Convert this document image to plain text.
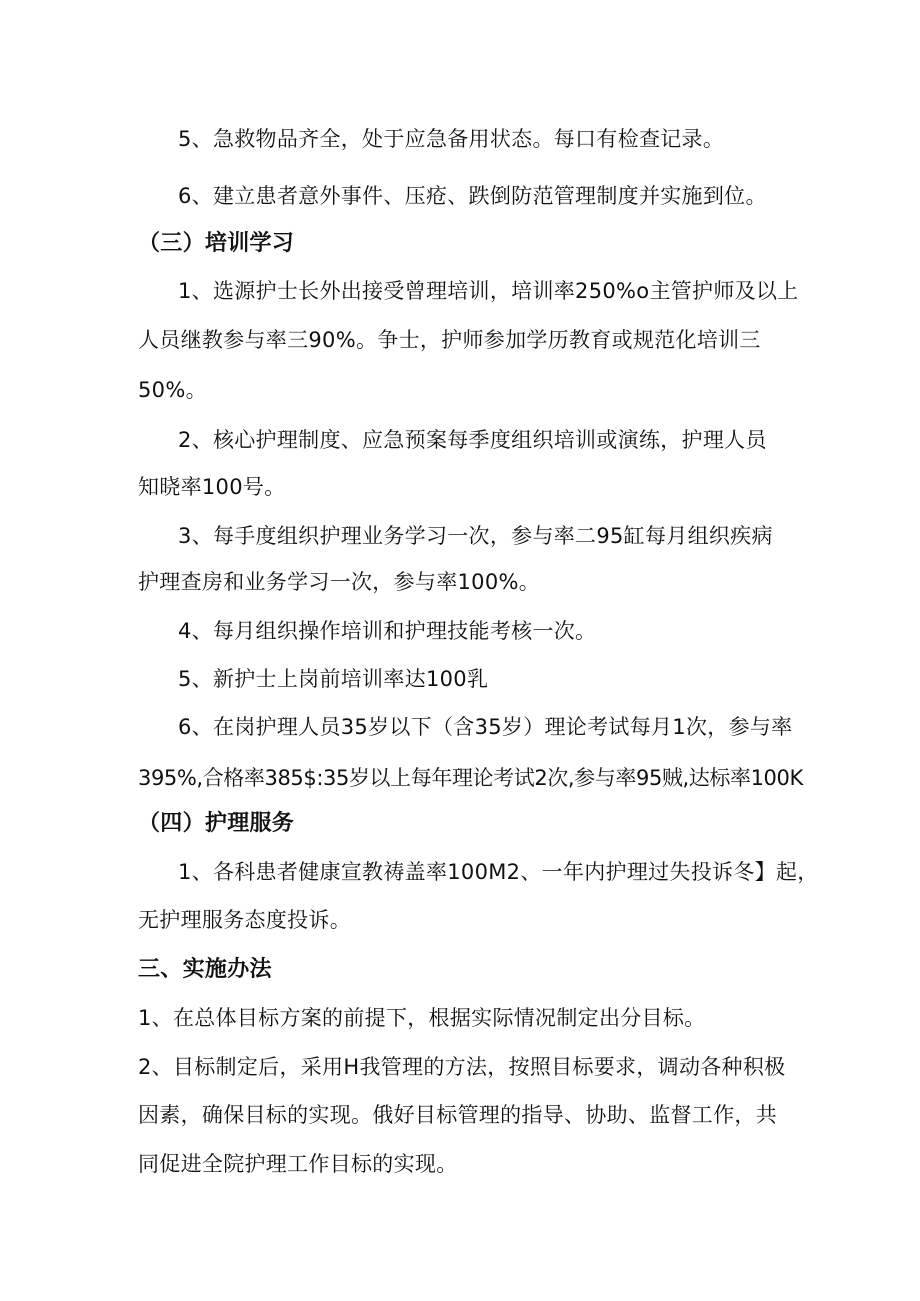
5、急救物品齐全，处于应急备用状态。每口有检查记录。
6、建立患者意外事件、压疮、跌倒防范管理制度并实施到位。
（三）培训学习
1、选源护士长外出接受曾理培训，培训率250%o主管护师及以上
人员继教参与率三90%。争士，护师参加学历教育或规范化培训三
50%。
2、核心护理制度、应急预案每季度组织培训或演练，护理人员
知晓率100号。
3、每手度组织护理业务学习一次，参与率二95缸每月组织疾病
护理查房和业务学习一次，参与率100%。
4、每月组织操作培训和护理技能考核一次。
5、新护士上岗前培训率达100乳
6、在岗护理人员35岁以下（含35岁）理论考试每月1次，参与率
395%,合格率385$:35岁以上每年理论考试2次,参与率95贼,达标率100K
（四）护理服务
1、各科患者健康宣教祷盖率100M2、一年内护理过失投诉冬】起，
无护理服务态度投诉。
三、实施办法
1、在总体目标方案的前提下，根据实际情况制定出分目标。
2、目标制定后，采用H我管理的方法，按照目标要求，调动各种积极
因素，确保目标的实现。俄好目标管理的指导、协助、监督工作，共
同促进全院护理工作目标的实现。
